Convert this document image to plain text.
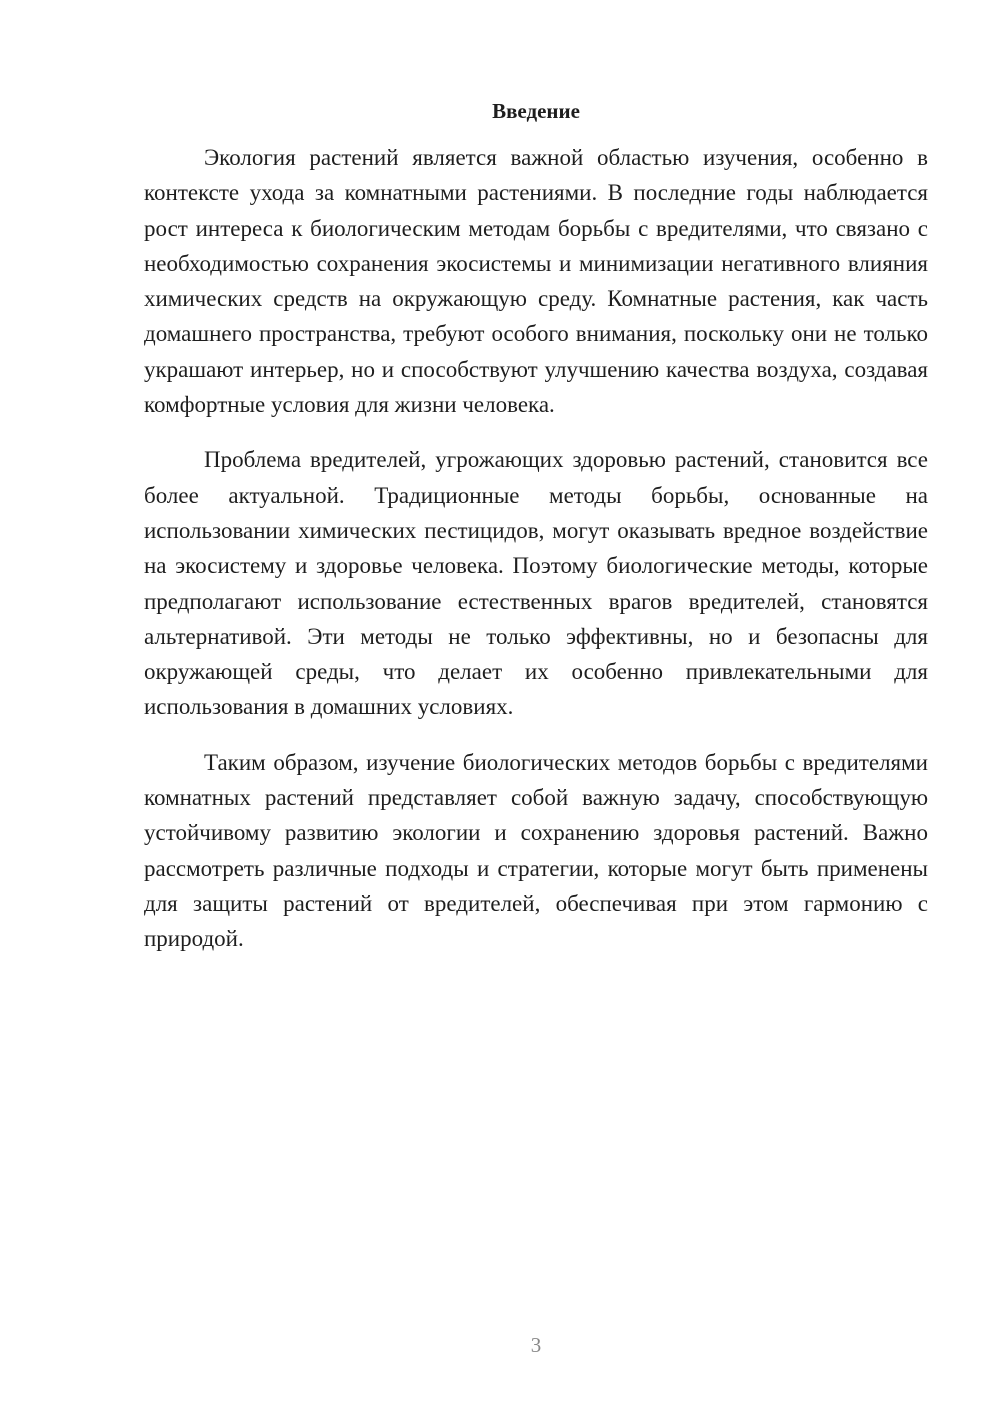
Введение

Экология растений является важной областью изучения, особенно в контексте ухода за комнатными растениями. В последние годы наблюдается рост интереса к биологическим методам борьбы с вредителями, что связано с необходимостью сохранения экосистемы и минимизации негативного влияния химических средств на окружающую среду. Комнатные растения, как часть домашнего пространства, требуют особого внимания, поскольку они не только украшают интерьер, но и способствуют улучшению качества воздуха, создавая комфортные условия для жизни человека.

Проблема вредителей, угрожающих здоровью растений, становится все более актуальной. Традиционные методы борьбы, основанные на использовании химических пестицидов, могут оказывать вредное воздействие на экосистему и здоровье человека. Поэтому биологические методы, которые предполагают использование естественных врагов вредителей, становятся альтернативой. Эти методы не только эффективны, но и безопасны для окружающей среды, что делает их особенно привлекательными для использования в домашних условиях.

Таким образом, изучение биологических методов борьбы с вредителями комнатных растений представляет собой важную задачу, способствующую устойчивому развитию экологии и сохранению здоровья растений. Важно рассмотреть различные подходы и стратегии, которые могут быть применены для защиты растений от вредителей, обеспечивая при этом гармонию с природой.

3
